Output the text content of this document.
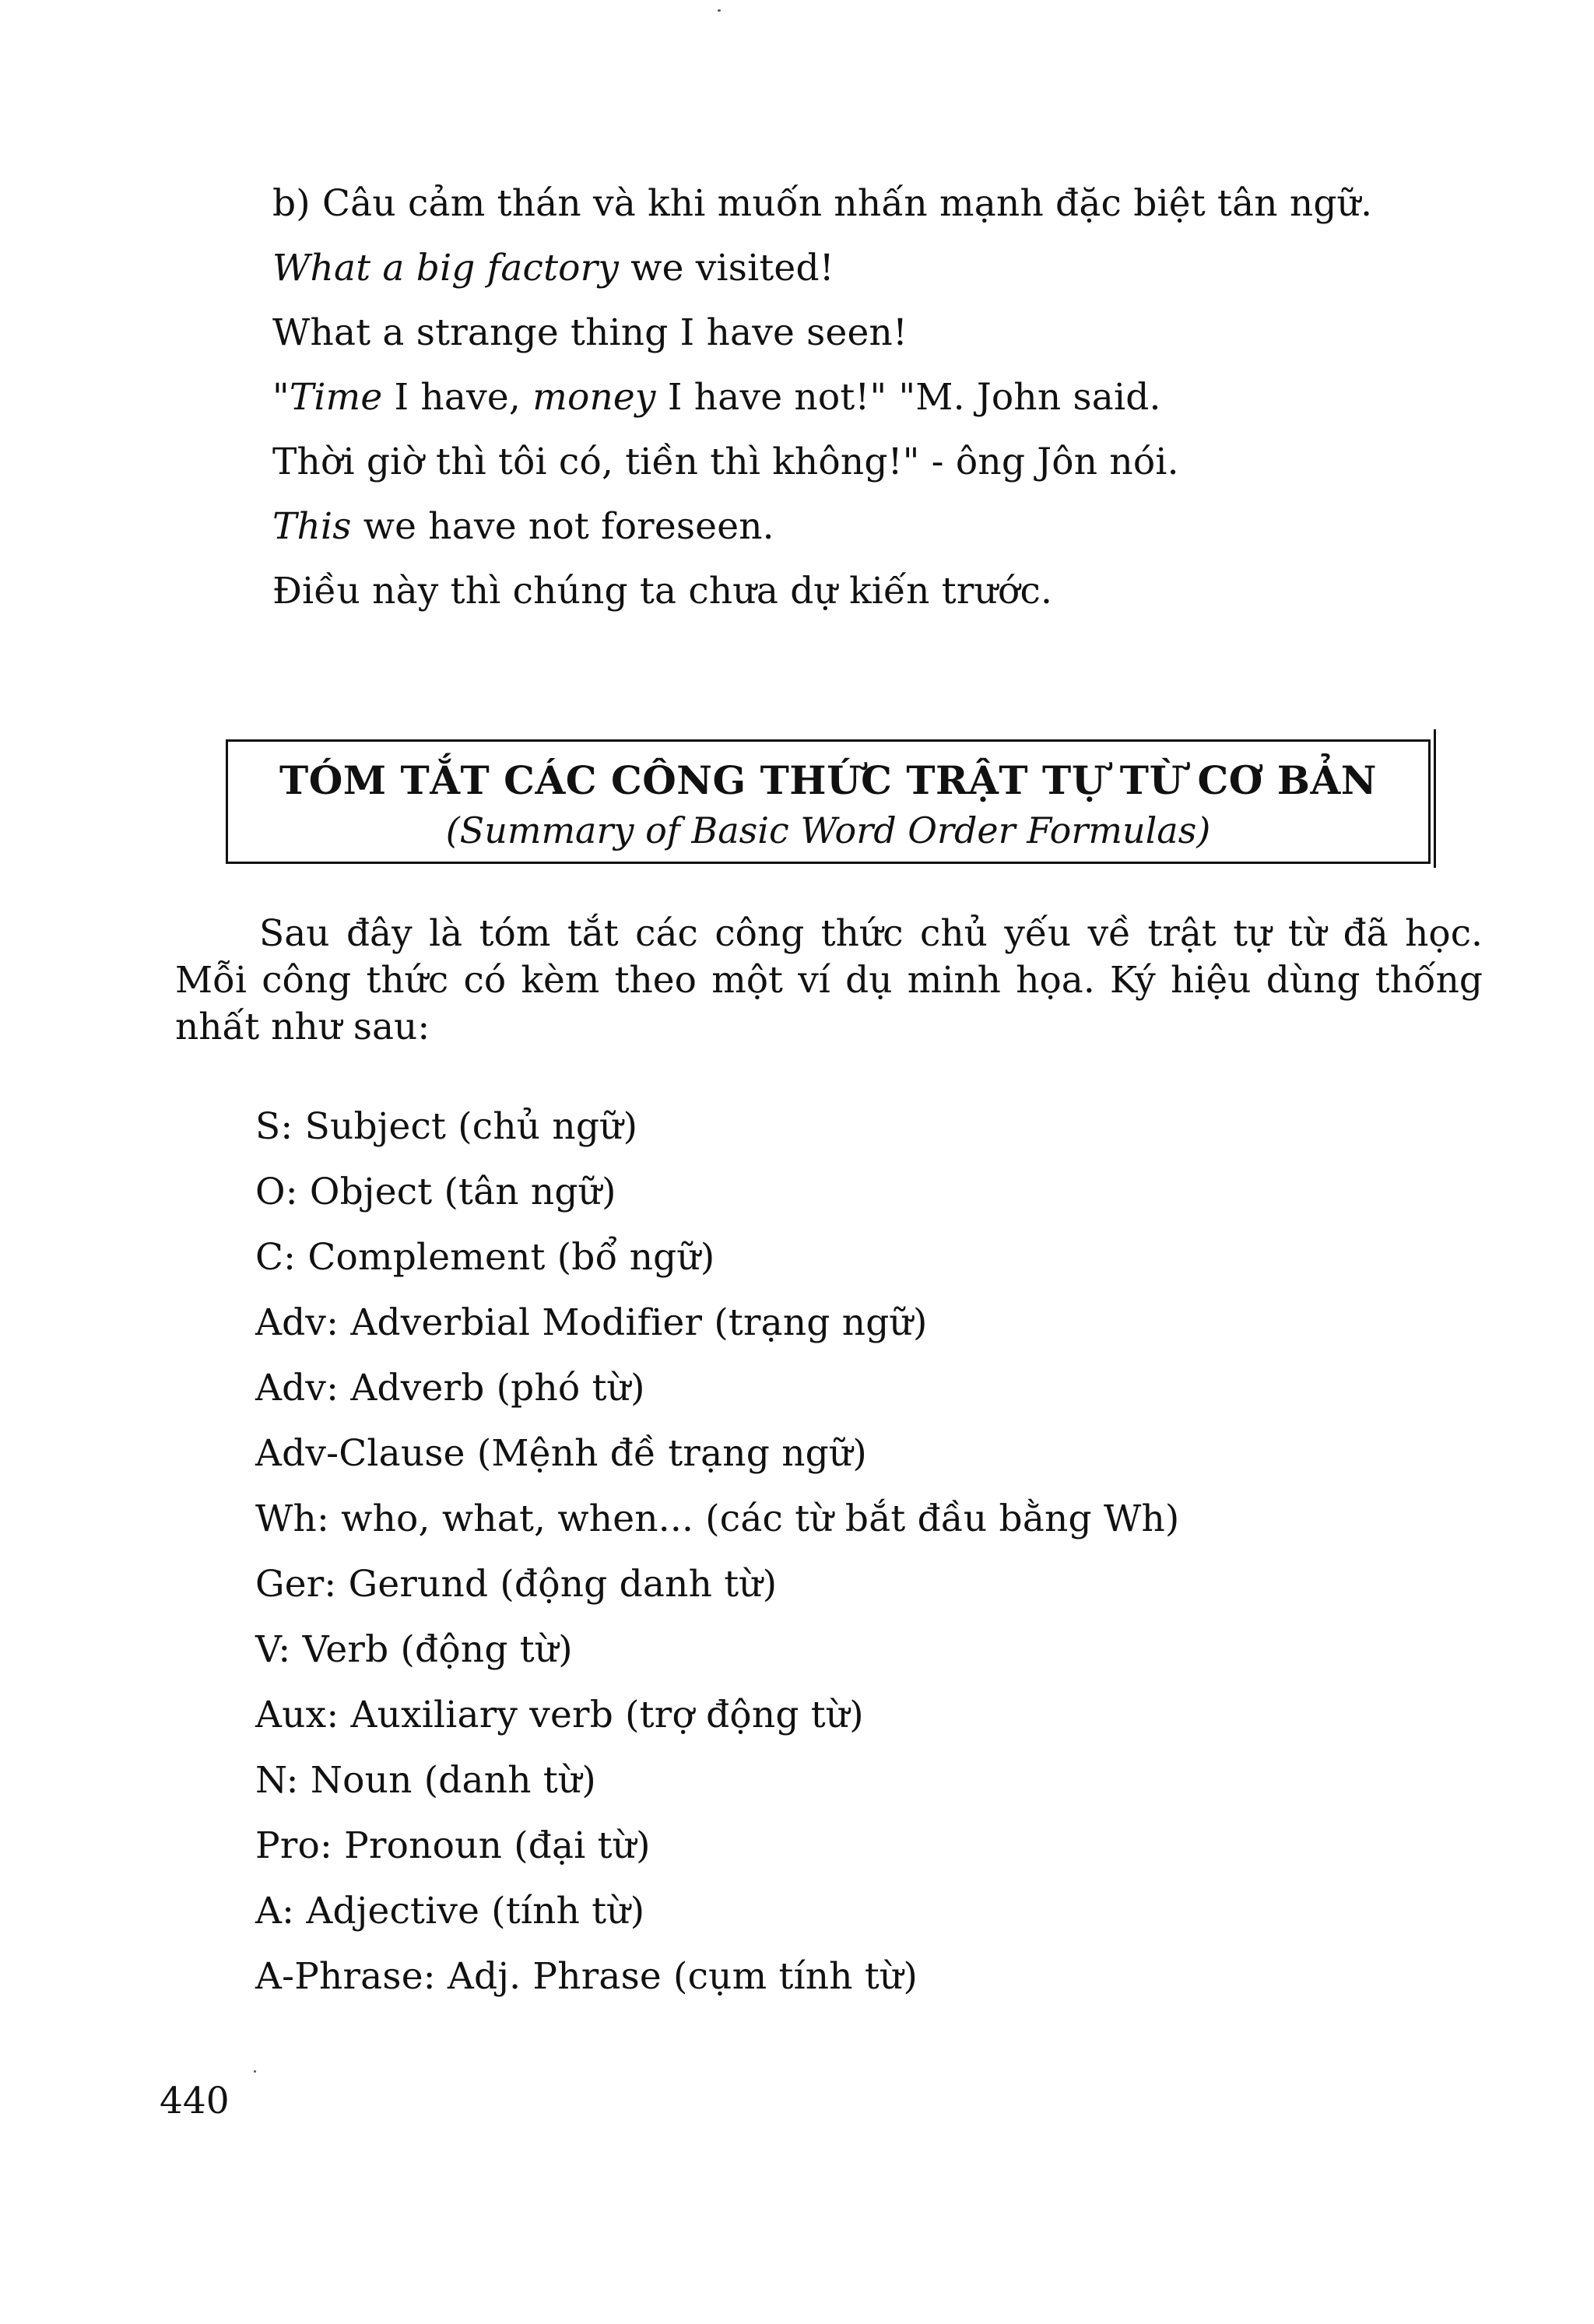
b) Câu cảm thán và khi muốn nhấn mạnh đặc biệt tân ngữ.
What a big factory we visited!
What a strange thing I have seen!
"Time I have, money I have not!" "M. John said.
Thời giờ thì tôi có, tiền thì không!" - ông Jôn nói.
This we have not foreseen.
Điều này thì chúng ta chưa dự kiến trước.
TÓM TẮT CÁC CÔNG THỨC TRẬT TỰ TỪ CƠ BẢN
(Summary of Basic Word Order Formulas)

Sau đây là tóm tắt các công thức chủ yếu về trật tự từ đã học. Mỗi công thức có kèm theo một ví dụ minh họa. Ký hiệu dùng thống nhất như sau:

S: Subject (chủ ngữ)
O: Object (tân ngữ)
C: Complement (bổ ngữ)
Adv: Adverbial Modifier (trạng ngữ)
Adv: Adverb (phó từ)
Adv-Clause (Mệnh đề trạng ngữ)
Wh: who, what, when... (các từ bắt đầu bằng Wh)
Ger: Gerund (động danh từ)
V: Verb (động từ)
Aux: Auxiliary verb (trợ động từ)
N: Noun (danh từ)
Pro: Pronoun (đại từ)
A: Adjective (tính từ)
A-Phrase: Adj. Phrase (cụm tính từ)
440
